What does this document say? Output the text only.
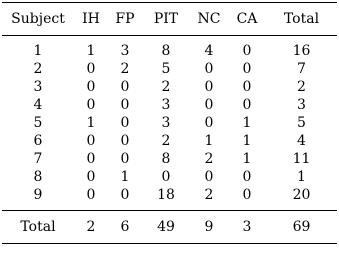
Subject	IH	FP	PIT	NC	CA	Total
1	1	3	8	4	0	16
2	0	2	5	0	0	7
3	0	0	2	0	0	2
4	0	0	3	0	0	3
5	1	0	3	0	1	5
6	0	0	2	1	1	4
7	0	0	8	2	1	11
8	0	1	0	0	0	1
9	0	0	18	2	0	20
Total	2	6	49	9	3	69
